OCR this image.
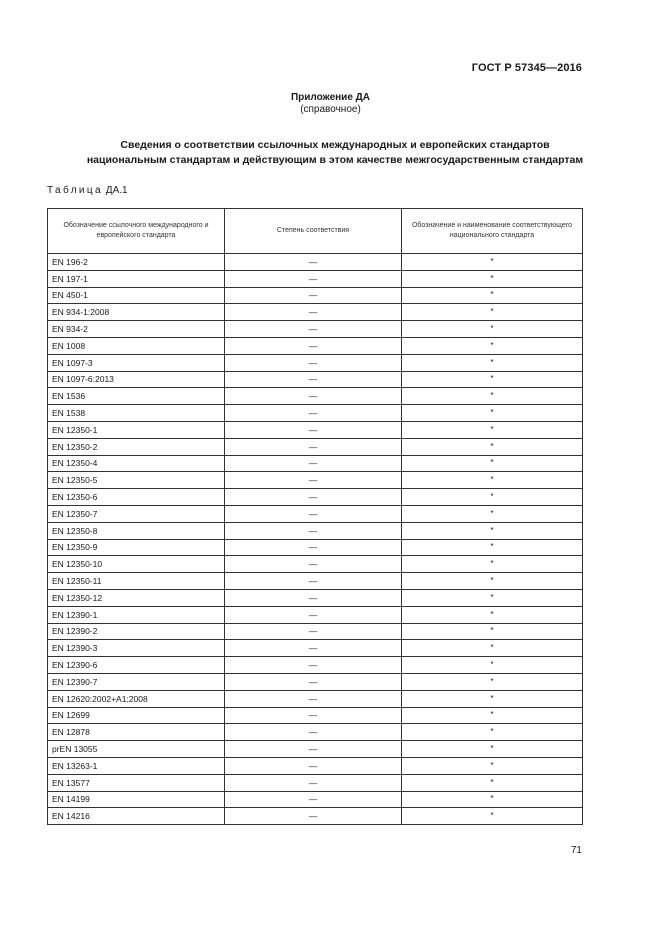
ГОСТ Р 57345—2016
Приложение ДА
(справочное)
Сведения о соответствии ссылочных международных и европейских стандартов
национальным стандартам и действующим в этом качестве межгосударственным стандартам
Таблица ДА.1
Обозначение ссылочного международного и европейского стандарта	Степень соответствия	Обозначение и наименование соответствующего национального стандарта
EN 196-2	—	*
EN 197-1	—	*
EN 450-1	—	*
EN 934-1:2008	—	*
EN 934-2	—	*
EN 1008	—	*
EN 1097-3	—	*
EN 1097-6:2013	—	*
EN 1536	—	*
EN 1538	—	*
EN 12350-1	—	*
EN 12350-2	—	*
EN 12350-4	—	*
EN 12350-5	—	*
EN 12350-6	—	*
EN 12350-7	—	*
EN 12350-8	—	*
EN 12350-9	—	*
EN 12350-10	—	*
EN 12350-11	—	*
EN 12350-12	—	*
EN 12390-1	—	*
EN 12390-2	—	*
EN 12390-3	—	*
EN 12390-6	—	*
EN 12390-7	—	*
EN 12620:2002+A1:2008	—	*
EN 12699	—	*
EN 12878	—	*
prEN 13055	—	*
EN 13263-1	—	*
EN 13577	—	*
EN 14199	—	*
EN 14216	—	*
71
